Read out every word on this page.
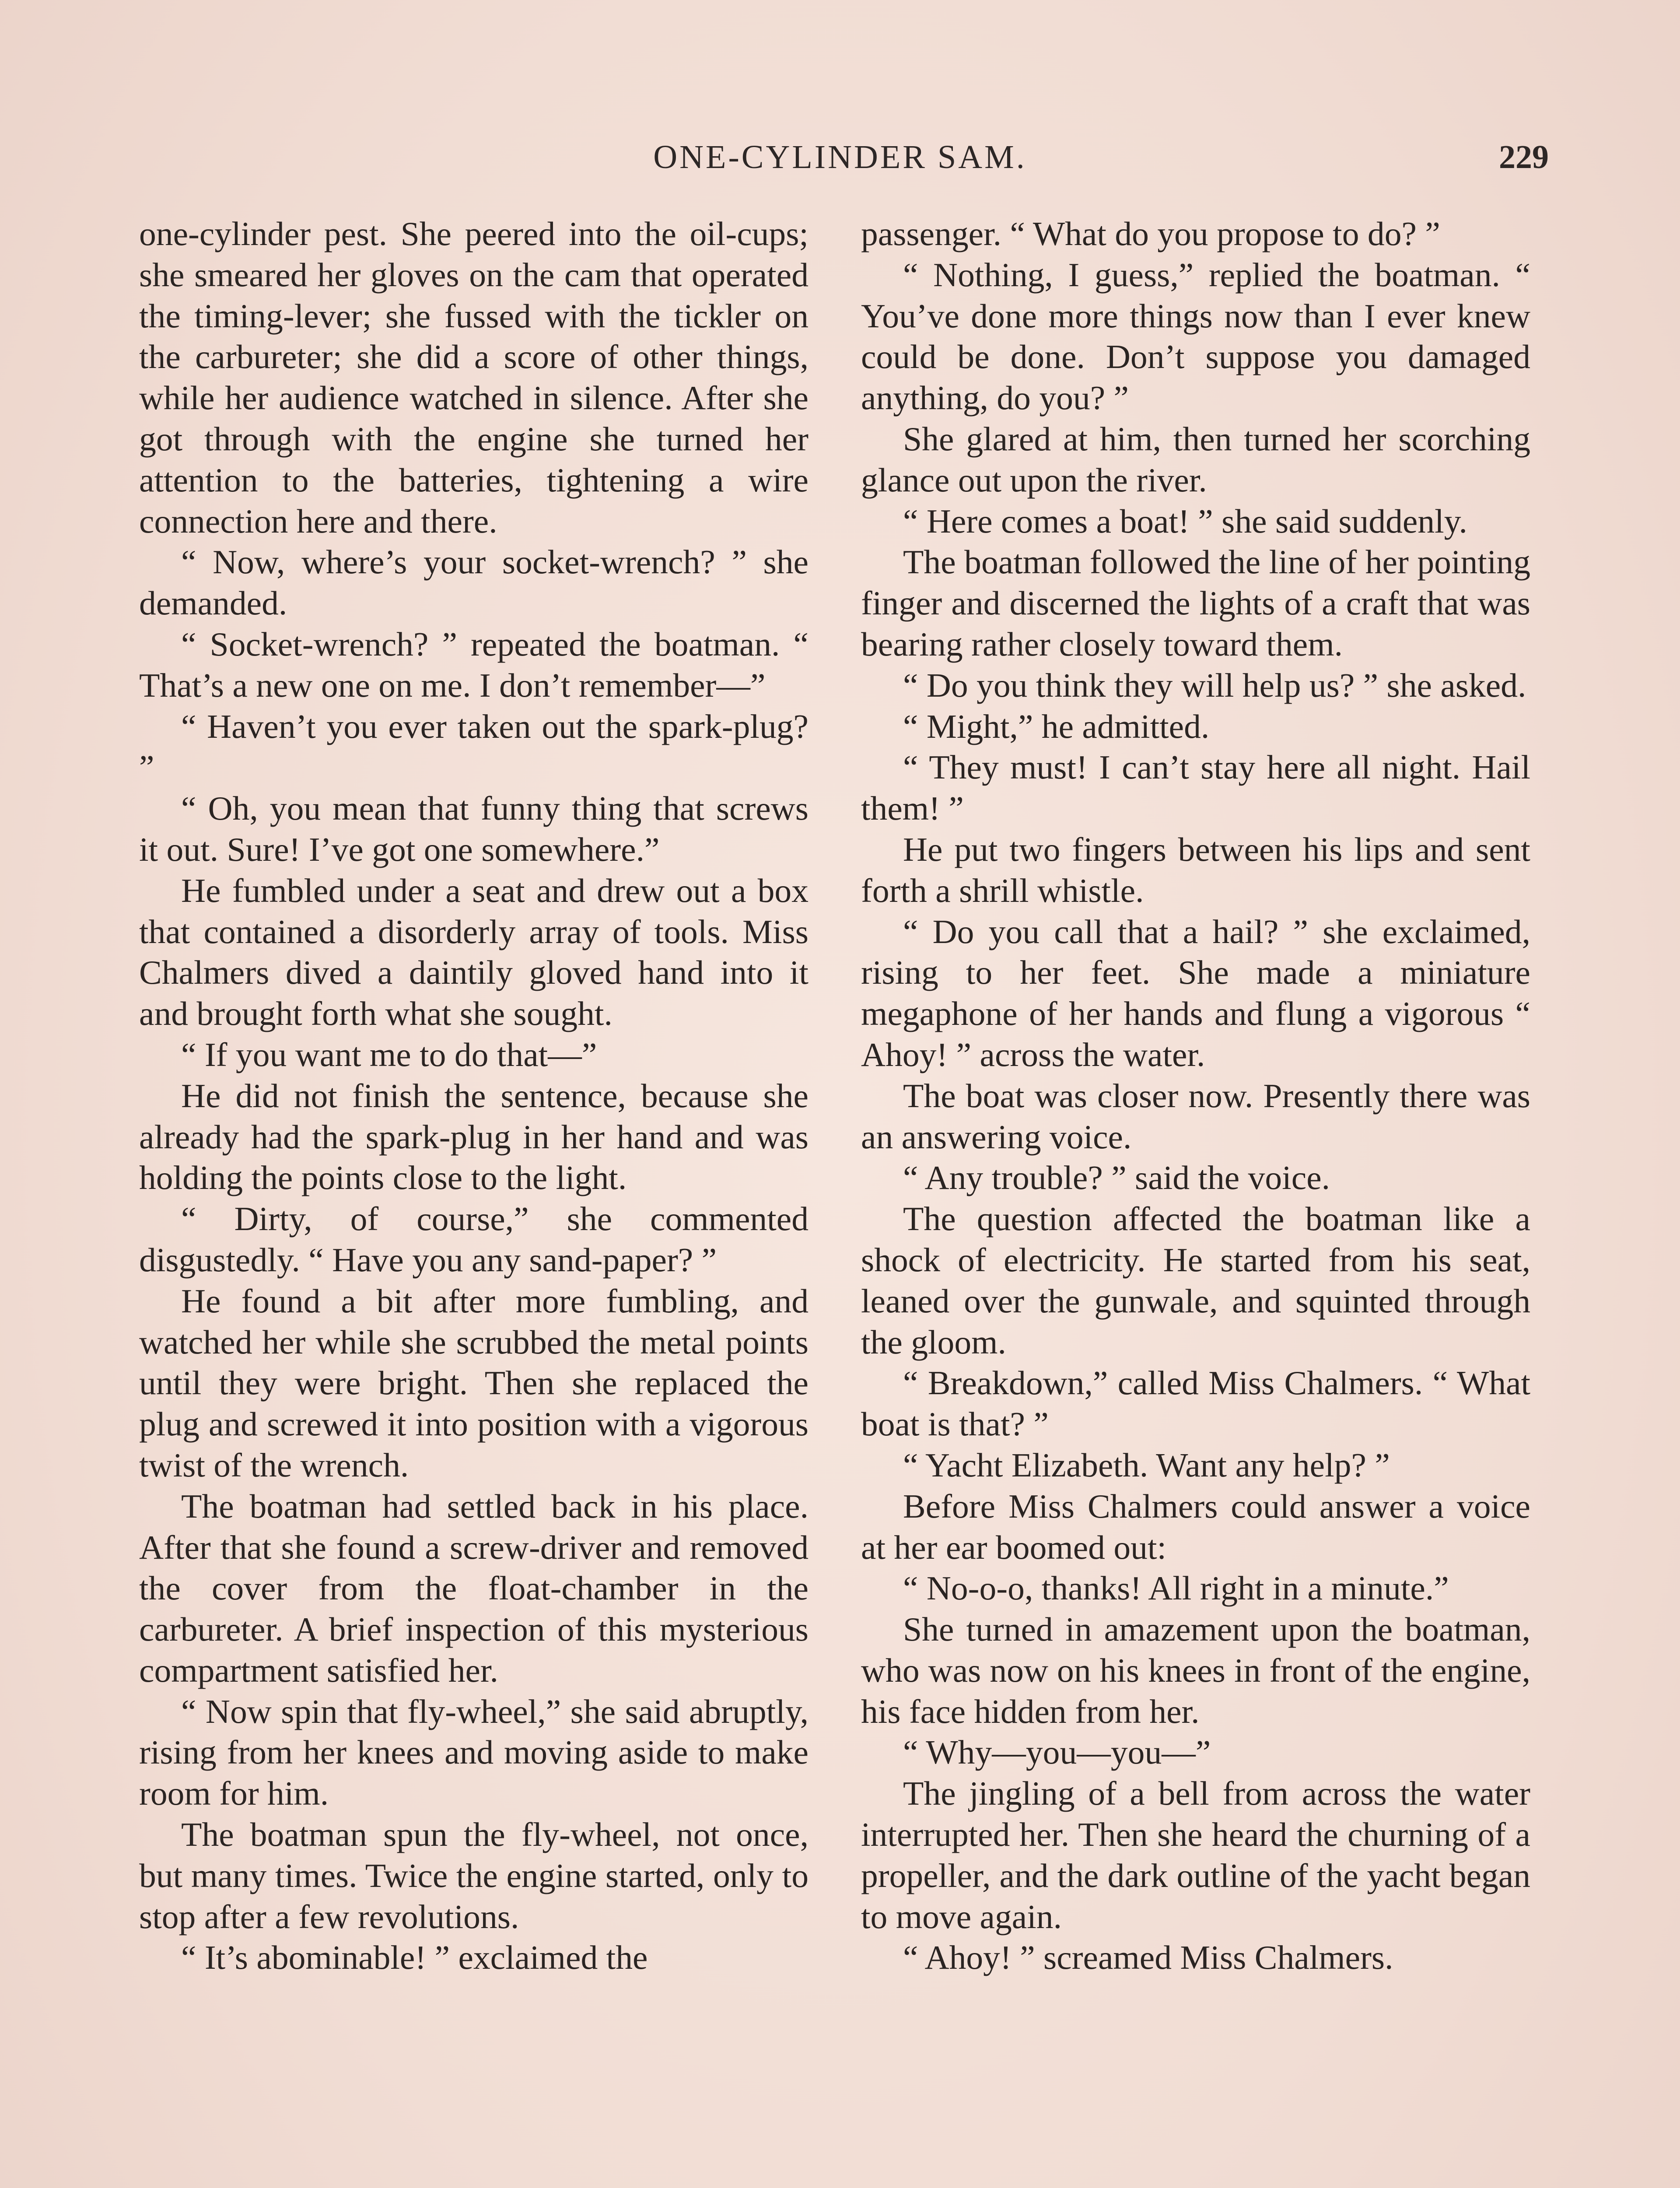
ONE-CYLINDER SAM.	229

one-cylinder pest. She peered into the oil-cups; she smeared her gloves on the cam that operated the timing-lever; she fussed with the tickler on the carbureter; she did a score of other things, while her audience watched in silence. After she got through with the engine she turned her attention to the batteries, tightening a wire connection here and there.

“ Now, where’s your socket-wrench? ” she demanded.

“ Socket-wrench? ” repeated the boatman. “ That’s a new one on me. I don’t remember—”

“ Haven’t you ever taken out the spark-plug? ”

“ Oh, you mean that funny thing that screws it out. Sure! I’ve got one somewhere.”

He fumbled under a seat and drew out a box that contained a disorderly array of tools. Miss Chalmers dived a daintily gloved hand into it and brought forth what she sought.

“ If you want me to do that—”

He did not finish the sentence, because she already had the spark-plug in her hand and was holding the points close to the light.

“ Dirty, of course,” she commented disgustedly. “ Have you any sand-paper? ”

He found a bit after more fumbling, and watched her while she scrubbed the metal points until they were bright. Then she replaced the plug and screwed it into position with a vigorous twist of the wrench.

The boatman had settled back in his place. After that she found a screw-driver and removed the cover from the float-chamber in the carbureter. A brief inspection of this mysterious compartment satisfied her.

“ Now spin that fly-wheel,” she said abruptly, rising from her knees and moving aside to make room for him.

The boatman spun the fly-wheel, not once, but many times. Twice the engine started, only to stop after a few revolutions.

“ It’s abominable! ” exclaimed the

passenger. “ What do you propose to do? ”

“ Nothing, I guess,” replied the boatman. “ You’ve done more things now than I ever knew could be done. Don’t suppose you damaged anything, do you? ”

She glared at him, then turned her scorching glance out upon the river.

“ Here comes a boat! ” she said suddenly.

The boatman followed the line of her pointing finger and discerned the lights of a craft that was bearing rather closely toward them.

“ Do you think they will help us? ” she asked.

“ Might,” he admitted.

“ They must! I can’t stay here all night. Hail them! ”

He put two fingers between his lips and sent forth a shrill whistle.

“ Do you call that a hail? ” she exclaimed, rising to her feet. She made a miniature megaphone of her hands and flung a vigorous “ Ahoy! ” across the water.

The boat was closer now. Presently there was an answering voice.

“ Any trouble? ” said the voice.

The question affected the boatman like a shock of electricity. He started from his seat, leaned over the gunwale, and squinted through the gloom.

“ Breakdown,” called Miss Chalmers. “ What boat is that? ”

“ Yacht Elizabeth. Want any help? ”

Before Miss Chalmers could answer a voice at her ear boomed out:

“ No-o-o, thanks! All right in a minute.”

She turned in amazement upon the boatman, who was now on his knees in front of the engine, his face hidden from her.

“ Why—you—you—”

The jingling of a bell from across the water interrupted her. Then she heard the churning of a propeller, and the dark outline of the yacht began to move again.

“ Ahoy! ” screamed Miss Chalmers.
